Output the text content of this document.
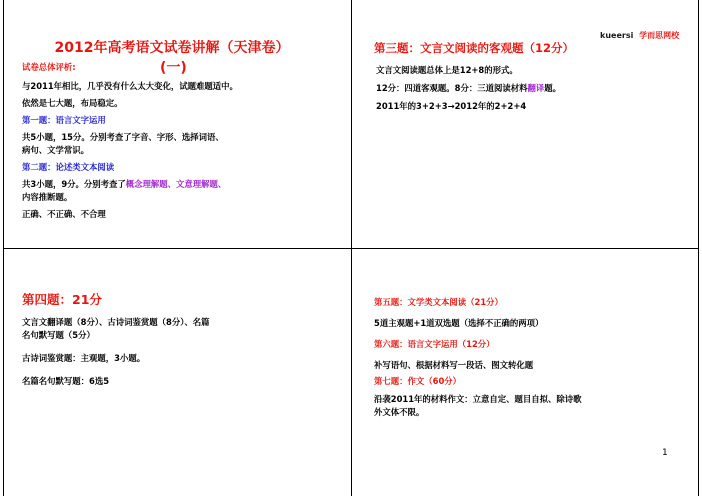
kueersi 学而思网校
2012年高考语文试卷讲解（天津卷）
试卷总体评析:	(一)

与2011年相比，几乎没有什么太大变化，试题难题适中。

依然是七大题，布局稳定。

第一题：语言文字运用

共5小题，15分。分别考查了字音、字形、选择词语、

病句、文学常识。

第二题：论述类文本阅读

共3小题，9分。分别考查了概念理解题、文意理解题、

内容推断题。

正确、不正确、不合理

第三题：文言文阅读的客观题（12分）

文言文阅读题总体上是12+8的形式。

12分：四道客观题。8分：三道阅读材料翻译题。

2011年的3+2+3→2012年的2+2+4

第四题：21分

文言文翻译题（8分）、古诗词鉴赏题（8分）、名篇

名句默写题（5分）

古诗词鉴赏题：主观题，3小题。

名篇名句默写题：6选5

第五题：文学类文本阅读（21分）

5道主观题+1道双选题（选择不正确的两项）

第六题：语言文字运用（12分）

补写语句、根据材料写一段话、图文转化题

第七题：作文（60分）

沿袭2011年的材料作文：立意自定、题目自拟、除诗歌

外文体不限。

1
